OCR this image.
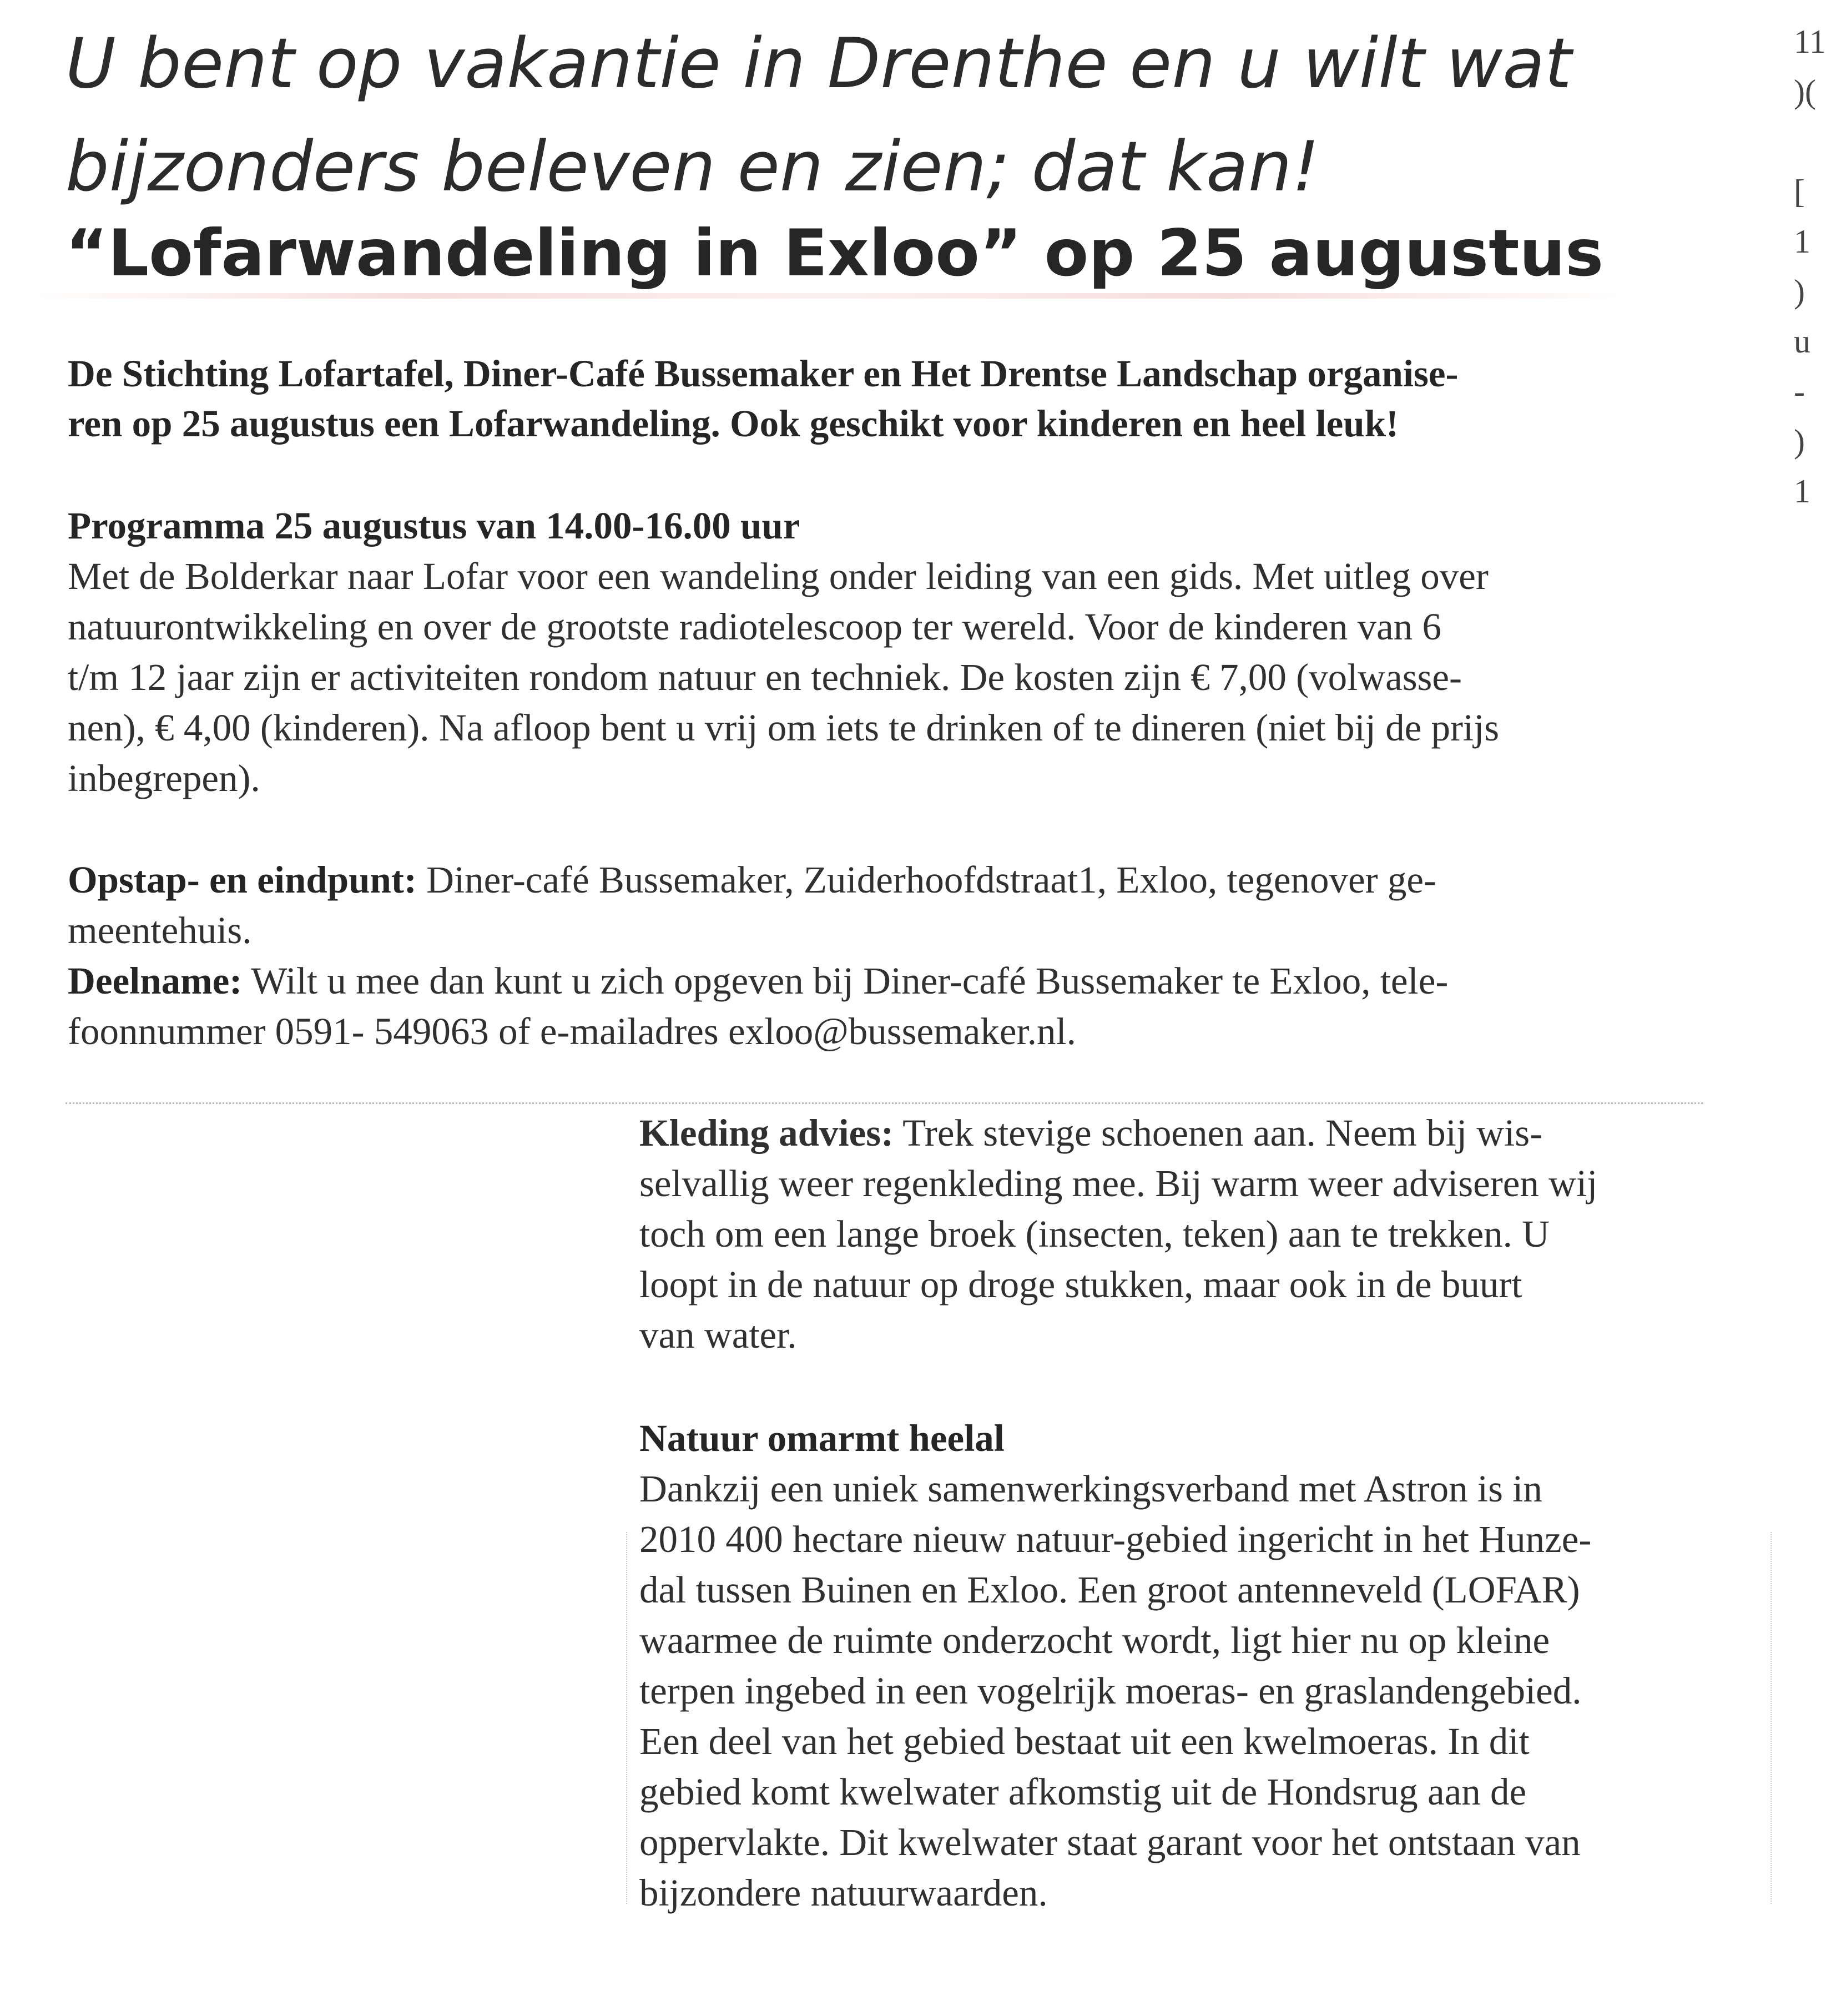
U bent op vakantie in Drenthe en u wilt wat
bijzonders beleven en zien; dat kan!
“Lofarwandeling in Exloo” op 25 augustus

De Stichting Lofartafel, Diner-Café Bussemaker en Het Drentse Landschap organise-
ren op 25 augustus een Lofarwandeling. Ook geschikt voor kinderen en heel leuk!

Programma 25 augustus van 14.00-16.00 uur

Met de Bolderkar naar Lofar voor een wandeling onder leiding van een gids. Met uitleg over
natuurontwikkeling en over de grootste radiotelescoop ter wereld. Voor de kinderen van 6
t/m 12 jaar zijn er activiteiten rondom natuur en techniek. De kosten zijn € 7,00 (volwasse-
nen), € 4,00 (kinderen). Na afloop bent u vrij om iets te drinken of te dineren (niet bij de prijs
inbegrepen).

Opstap- en eindpunt: Diner-café Bussemaker, Zuiderhoofdstraat1, Exloo, tegenover ge-
meentehuis.

Deelname: Wilt u mee dan kunt u zich opgeven bij Diner-café Bussemaker te Exloo, tele-
foonnummer 0591- 549063 of e-mailadres exloo@bussemaker.nl.

Kleding advies: Trek stevige schoenen aan. Neem bij wis-
selvallig weer regenkleding mee. Bij warm weer adviseren wij
toch om een lange broek (insecten, teken) aan te trekken. U
loopt in de natuur op droge stukken, maar ook in de buurt
van water.

Natuur omarmt heelal

Dankzij een uniek samenwerkingsverband met Astron is in
2010 400 hectare nieuw natuur-gebied ingericht in het Hunze-
dal tussen Buinen en Exloo. Een groot antenneveld (LOFAR)
waarmee de ruimte onderzocht wordt, ligt hier nu op kleine
terpen ingebed in een vogelrijk moeras- en graslandengebied.
Een deel van het gebied bestaat uit een kwelmoeras. In dit
gebied komt kwelwater afkomstig uit de Hondsrug aan de
oppervlakte. Dit kwelwater staat garant voor het ontstaan van
bijzondere natuurwaarden.

11
)(

[
1
)
u
-
)
1
